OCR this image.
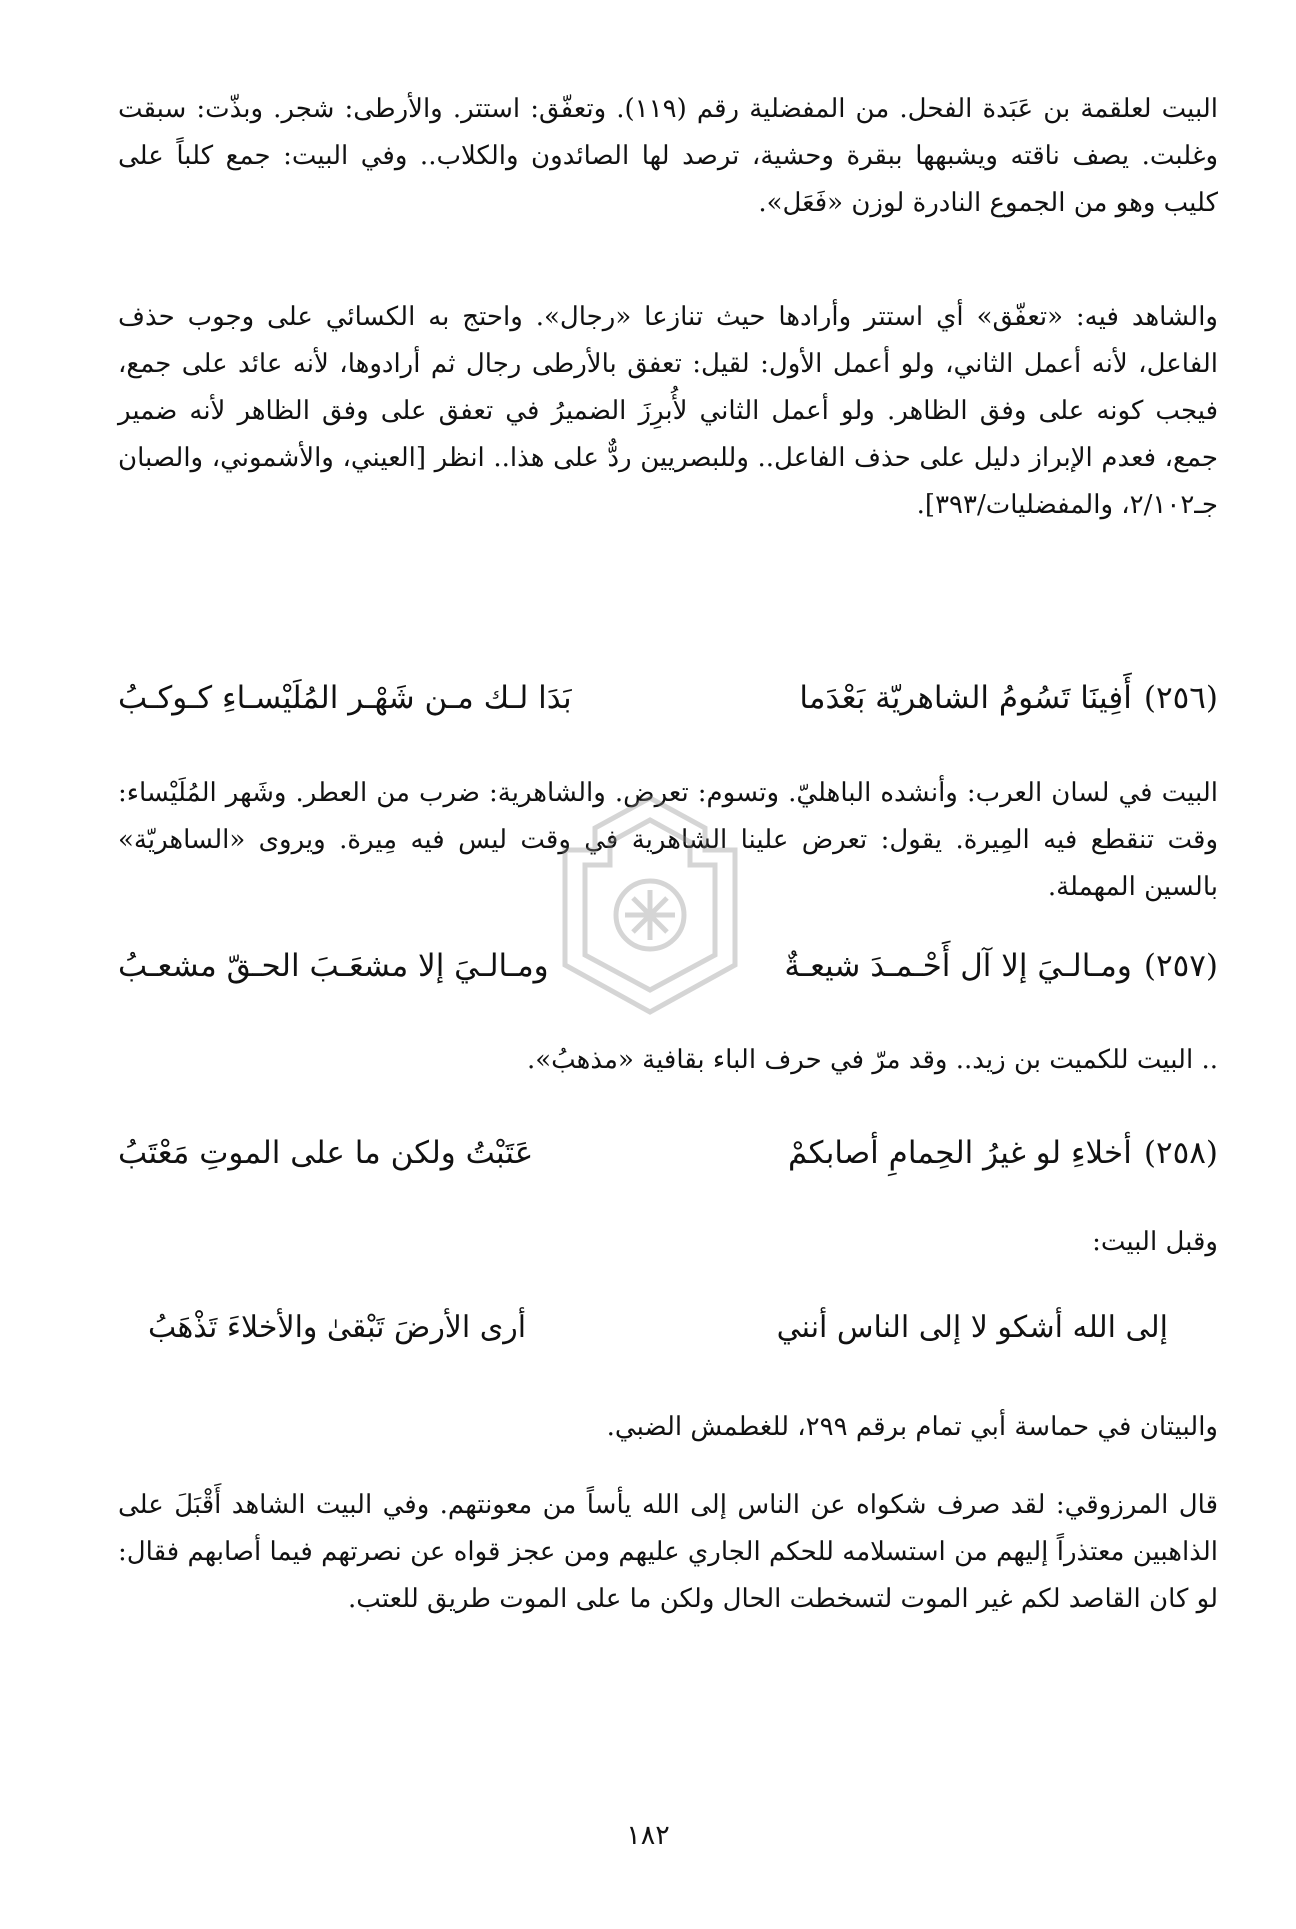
البيت لعلقمة بن عَبَدة الفحل. من المفضلية رقم (١١٩). وتعفّق: استتر. والأرطى: شجر. وبذّت: سبقت وغلبت. يصف ناقته ويشبهها ببقرة وحشية، ترصد لها الصائدون والكلاب.. وفي البيت: جمع كلباً على كليب وهو من الجموع النادرة لوزن «فَعَل».

والشاهد فيه: «تعفّق» أي استتر وأرادها حيث تنازعا «رجال». واحتج به الكسائي على وجوب حذف الفاعل، لأنه أعمل الثاني، ولو أعمل الأول: لقيل: تعفق بالأرطى رجال ثم أرادوها، لأنه عائد على جمع، فيجب كونه على وفق الظاهر. ولو أعمل الثاني لأُبرِزَ الضميرُ في تعفق على وفق الظاهر لأنه ضمير جمع، فعدم الإبراز دليل على حذف الفاعل.. وللبصريين ردٌّ على هذا.. انظر [العيني، والأشموني، والصبان جـ٢/١٠٢، والمفضليات/٣٩٣].

(٢٥٦)
أَفِينَا تَسُومُ الشاهريّة بَعْدَما
بَدَا لـك مـن شَهْـر المُلَيْسـاءِ كـوكـبُ

البيت في لسان العرب: وأنشده الباهليّ. وتسوم: تعرض. والشاهرية: ضرب من العطر. وشَهر المُلَيْساء: وقت تنقطع فيه المِيرة. يقول: تعرض علينا الشاهرية في وقت ليس فيه مِيرة. ويروى «الساهريّة» بالسين المهملة.

(٢٥٧)
ومـالـيَ إلا آل أَحْـمـدَ شيعـةٌ
ومـالـيَ إلا مشعَـبَ الحـقّ مشعـبُ

.. البيت للكميت بن زيد.. وقد مرّ في حرف الباء بقافية «مذهبُ».

(٢٥٨)
أخلاءِ لو غيرُ الحِمامِ أصابكمْ
عَتَبْتُ ولكن ما على الموتِ مَعْتَبُ

وقبل البيت:

إلى الله أشكو لا إلى الناس أنني
أرى الأرضَ تَبْقىٰ والأخلاءَ تَذْهَبُ

والبيتان في حماسة أبي تمام برقم ٢٩٩، للغطمش الضبي.

قال المرزوقي: لقد صرف شكواه عن الناس إلى الله يأساً من معونتهم. وفي البيت الشاهد أَقْبَلَ على الذاهبين معتذراً إليهم من استسلامه للحكم الجاري عليهم ومن عجز قواه عن نصرتهم فيما أصابهم فقال: لو كان القاصد لكم غير الموت لتسخطت الحال ولكن ما على الموت طريق للعتب.

١٨٢
